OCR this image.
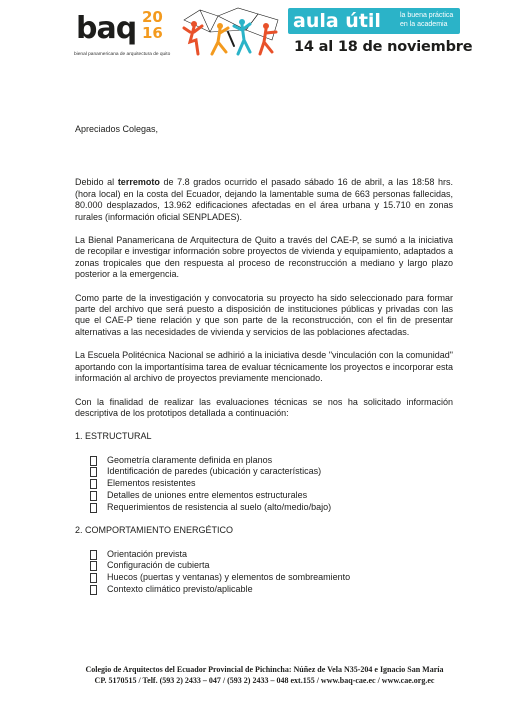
baq 20 16
bienal panamericana de arquitectura de quito
aula útil	la buena práctica en la academia
14 al 18 de noviembre

Apreciados Colegas,

Debido al terremoto de 7.8 grados ocurrido el pasado sábado 16 de abril, a las 18:58 hrs. (hora local) en la costa del Ecuador, dejando la lamentable suma de 663 personas fallecidas, 80.000 desplazados, 13.962 edificaciones afectadas en el área urbana y 15.710 en zonas rurales (información oficial SENPLADES).

La Bienal Panamericana de Arquitectura de Quito a través del CAE-P, se sumó a la iniciativa de recopilar e investigar información sobre proyectos de vivienda y equipamiento, adaptados a zonas tropicales que den respuesta al proceso de reconstrucción a mediano y largo plazo posterior a la emergencia.

Como parte de la investigación y convocatoria su proyecto ha sido seleccionado para formar parte del archivo que será puesto a disposición de instituciones públicas y privadas con las que el CAE-P tiene relación y que son parte de la reconstrucción, con el fin de presentar alternativas a las necesidades de vivienda y servicios de las poblaciones afectadas.

La Escuela Politécnica Nacional se adhirió a la iniciativa desde "vinculación con la comunidad" aportando con la importantísima tarea de evaluar técnicamente los proyectos e incorporar esta información al archivo de proyectos previamente mencionado.

Con la finalidad de realizar las evaluaciones técnicas se nos ha solicitado información descriptiva de los prototipos detallada a continuación:

1. ESTRUCTURAL

Geometría claramente definida en planos
Identificación de paredes (ubicación y características)
Elementos resistentes
Detalles de uniones entre elementos estructurales
Requerimientos de resistencia al suelo (alto/medio/bajo)

2. COMPORTAMIENTO ENERGÉTICO

Orientación prevista
Configuración de cubierta
Huecos (puertas y ventanas) y elementos de sombreamiento
Contexto climático previsto/aplicable
Colegio de Arquitectos del Ecuador Provincial de Pichincha: Núñez de Vela N35-204 e Ignacio San María
CP. 5170515 / Telf. (593 2) 2433 – 047 / (593 2) 2433 – 048 ext.155 / www.baq-cae.ec / www.cae.org.ec
